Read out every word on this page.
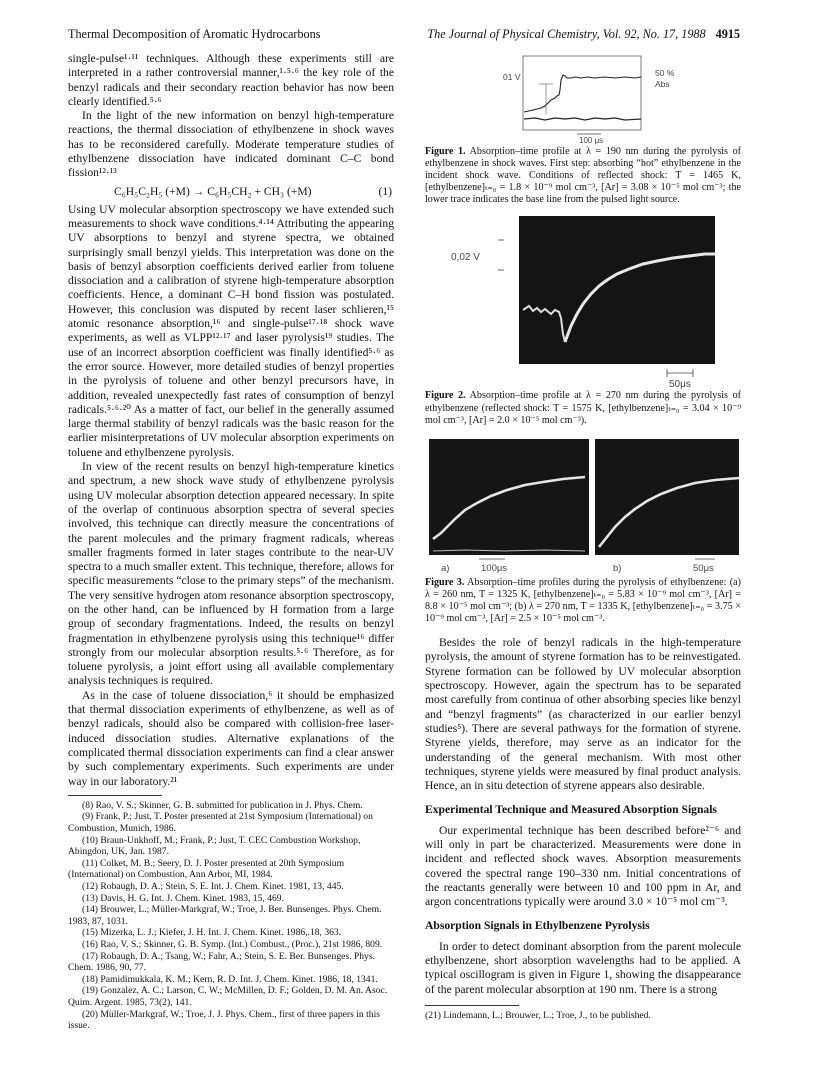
Thermal Decomposition of Aromatic Hydrocarbons	The Journal of Physical Chemistry, Vol. 92, No. 17, 1988 4915

single-pulse¹·¹¹ techniques. Although these experiments still are interpreted in a rather controversial manner,¹·⁵·⁶ the key role of the benzyl radicals and their secondary reaction behavior has now been clearly identified.⁵·⁶

In the light of the new information on benzyl high-temperature reactions, the thermal dissociation of ethylbenzene in shock waves has to be reconsidered carefully. Moderate temperature studies of ethylbenzene dissociation have indicated dominant C–C bond fission¹²·¹³

C₆H₅C₂H₅ (+M) → C₆H₅CH₂ + CH₃ (+M)	(1)

Using UV molecular absorption spectroscopy we have extended such measurements to shock wave conditions.⁴·¹⁴ Attributing the appearing UV absorptions to benzyl and styrene spectra, we obtained surprisingly small benzyl yields. This interpretation was done on the basis of benzyl absorption coefficients derived earlier from toluene dissociation and a calibration of styrene high-temperature absorption coefficients. Hence, a dominant C–H bond fission was postulated. However, this conclusion was disputed by recent laser schlieren,¹⁵ atomic resonance absorption,¹⁶ and single-pulse¹⁷·¹⁸ shock wave experiments, as well as VLPP¹²·¹⁷ and laser pyrolysis¹⁹ studies. The use of an incorrect absorption coefficient was finally identified⁵·⁶ as the error source. However, more detailed studies of benzyl properties in the pyrolysis of toluene and other benzyl precursors have, in addition, revealed unexpectedly fast rates of consumption of benzyl radicals.⁵·⁶·²⁰ As a matter of fact, our belief in the generally assumed large thermal stability of benzyl radicals was the basic reason for the earlier misinterpretations of UV molecular absorption experiments on toluene and ethylbenzene pyrolysis.

In view of the recent results on benzyl high-temperature kinetics and spectrum, a new shock wave study of ethylbenzene pyrolysis using UV molecular absorption detection appeared necessary. In spite of the overlap of continuous absorption spectra of several species involved, this technique can directly measure the concentrations of the parent molecules and the primary fragment radicals, whereas smaller fragments formed in later stages contribute to the near-UV spectra to a much smaller extent. This technique, therefore, allows for specific measurements “close to the primary steps” of the mechanism. The very sensitive hydrogen atom resonance absorption spectroscopy, on the other hand, can be influenced by H formation from a large group of secondary fragmentations. Indeed, the results on benzyl fragmentation in ethylbenzene pyrolysis using this technique¹⁶ differ strongly from our molecular absorption results.⁵·⁶ Therefore, as for toluene pyrolysis, a joint effort using all available complementary analysis techniques is required.

As in the case of toluene dissociation,⁶ it should be emphasized that thermal dissociation experiments of ethylbenzene, as well as of benzyl radicals, should also be compared with collision-free laser-induced dissociation studies. Alternative explanations of the complicated thermal dissociation experiments can find a clear answer by such complementary experiments. Such experiments are under way in our laboratory.²¹

(8) Rao, V. S.; Skinner, G. B. submitted for publication in J. Phys. Chem.
(9) Frank, P.; Just, T. Poster presented at 21st Symposium (International) on Combustion, Munich, 1986.
(10) Braun-Unkhoff, M.; Frank, P.; Just, T. CEC Combustion Workshop, Abingdon, UK, Jan. 1987.
(11) Colket, M. B.; Seery, D. J. Poster presented at 20th Symposium (International) on Combustion, Ann Arbor, MI, 1984.
(12) Robaugh, D. A.; Stein, S. E. Int. J. Chem. Kinet. 1981, 13, 445.
(13) Davis, H. G. Int. J. Chem. Kinet. 1983, 15, 469.
(14) Brouwer, L.; Müller-Markgraf, W.; Troe, J. Ber. Bunsenges. Phys. Chem. 1983, 87, 1031.
(15) Mizerka, L. J.; Kiefer, J. H. Int. J. Chem. Kinet. 1986,.18, 363.
(16) Rao, V. S.; Skinner, G. B. Symp. (Int.) Combust., (Proc.), 21st 1986, 809.
(17) Robaugh, D. A.; Tsang, W.; Fahr, A.; Stein, S. E. Ber. Bunsenges. Phys. Chem. 1986, 90, 77.
(18) Pamidimukkala, K. M.; Kern, R. D. Int. J. Chem. Kinet. 1986, 18, 1341.
(19) Gonzalez, A. C.; Larson, C. W.; McMillen, D. F.; Golden, D. M. An. Asoc. Quim. Argent. 1985, 73(2), 141.
(20) Müller-Markgraf, W.; Troe, J. J. Phys. Chem., first of three papers in this issue.
01 V	50 %
Abs
100 μs

Figure 1. Absorption–time profile at λ = 190 nm during the pyrolysis of ethylbenzene in shock waves. First step: absorbing “hot” ethylbenzene in the incident shock wave. Conditions of reflected shock: T = 1465 K, [ethylbenzene]ₜ₌₀ = 1.8 × 10⁻⁹ mol cm⁻³, [Ar] = 3.08 × 10⁻⁵ mol cm⁻³; the lower trace indicates the base line from the pulsed light source.

0,02 V
50μs

Figure 2. Absorption–time profile at λ = 270 nm during the pyrolysis of ethylbenzene (reflected shock: T = 1575 K, [ethylbenzene]ₜ₌₀ = 3.04 × 10⁻⁹ mol cm⁻³, [Ar] = 2.0 × 10⁻⁵ mol cm⁻³).

a)	100μs	b)	50μs

Figure 3. Absorption–time profiles during the pyrolysis of ethylbenzene: (a) λ = 260 nm, T = 1325 K, [ethylbenzene]ₜ₌₀ = 5.83 × 10⁻⁹ mol cm⁻³, [Ar] = 8.8 × 10⁻⁵ mol cm⁻³; (b) λ = 270 nm, T = 1335 K, [ethylbenzene]ₜ₌₀ = 3.75 × 10⁻⁹ mol cm⁻³, [Ar] = 2.5 × 10⁻⁵ mol cm⁻³.

Besides the role of benzyl radicals in the high-temperature pyrolysis, the amount of styrene formation has to be reinvestigated. Styrene formation can be followed by UV molecular absorption spectroscopy. However, again the spectrum has to be separated most carefully from continua of other absorbing species like benzyl and “benzyl fragments” (as characterized in our earlier benzyl studies⁵). There are several pathways for the formation of styrene. Styrene yields, therefore, may serve as an indicator for the understanding of the general mechanism. With most other techniques, styrene yields were measured by final product analysis. Hence, an in situ detection of styrene appears also desirable.

Experimental Technique and Measured Absorption Signals

Our experimental technique has been described before²⁻⁶ and will only in part be characterized. Measurements were done in incident and reflected shock waves. Absorption measurements covered the spectral range 190–330 nm. Initial concentrations of the reactants generally were between 10 and 100 ppm in Ar, and argon concentrations typically were around 3.0 × 10⁻⁵ mol cm⁻³.

Absorption Signals in Ethylbenzene Pyrolysis

In order to detect dominant absorption from the parent molecule ethylbenzene, short absorption wavelengths had to be applied. A typical oscillogram is given in Figure 1, showing the disappearance of the parent molecular absorption at 190 nm. There is a strong

(21) Lindemann, L.; Brouwer, L.; Troe, J., to be published.
